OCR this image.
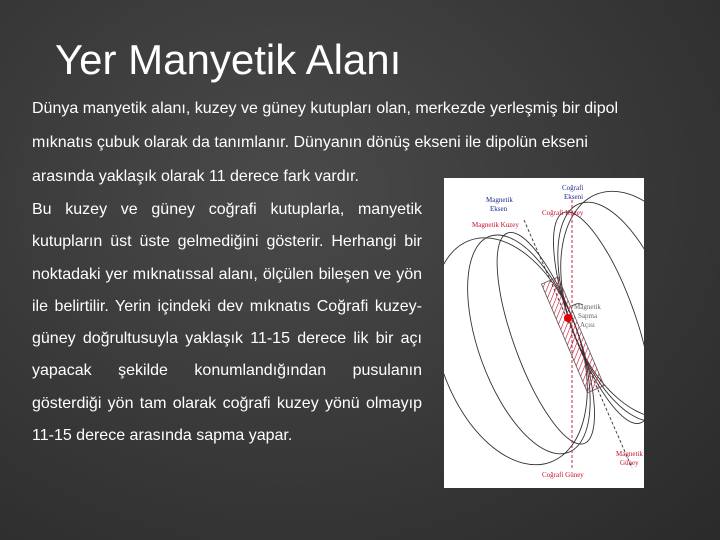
Yer Manyetik Alanı

Dünya manyetik alanı, kuzey ve güney kutupları olan, merkezde yerleşmiş bir dipol
mıknatıs çubuk olarak da tanımlanır. Dünyanın dönüş ekseni ile dipolün ekseni
arasında yaklaşık olarak 11 derece fark vardır.

Bu kuzey ve güney coğrafi kutuplarla, manyetik kutupların üst üste gelmediğini gösterir. Herhangi bir noktadaki yer mıknatıssal alanı, ölçülen bileşen ve yön ile belirtilir. Yerin içindeki dev mıknatıs Coğrafi kuzey-güney doğrultusuyla yaklaşık 11-15 derece lik bir açı yapacak şekilde konumlandığından pusulanın gösterdiği yön tam olarak coğrafi kuzey yönü olmayıp 11-15 derece arasında sapma yapar.

Coğrafi
Ekseni
Magnetik
Eksen	Coğrafi Kuzey
Magnetik Kuzey
Magnetik
Sapma
Açısı
Magnetik
Güney
Coğrafi Güney
